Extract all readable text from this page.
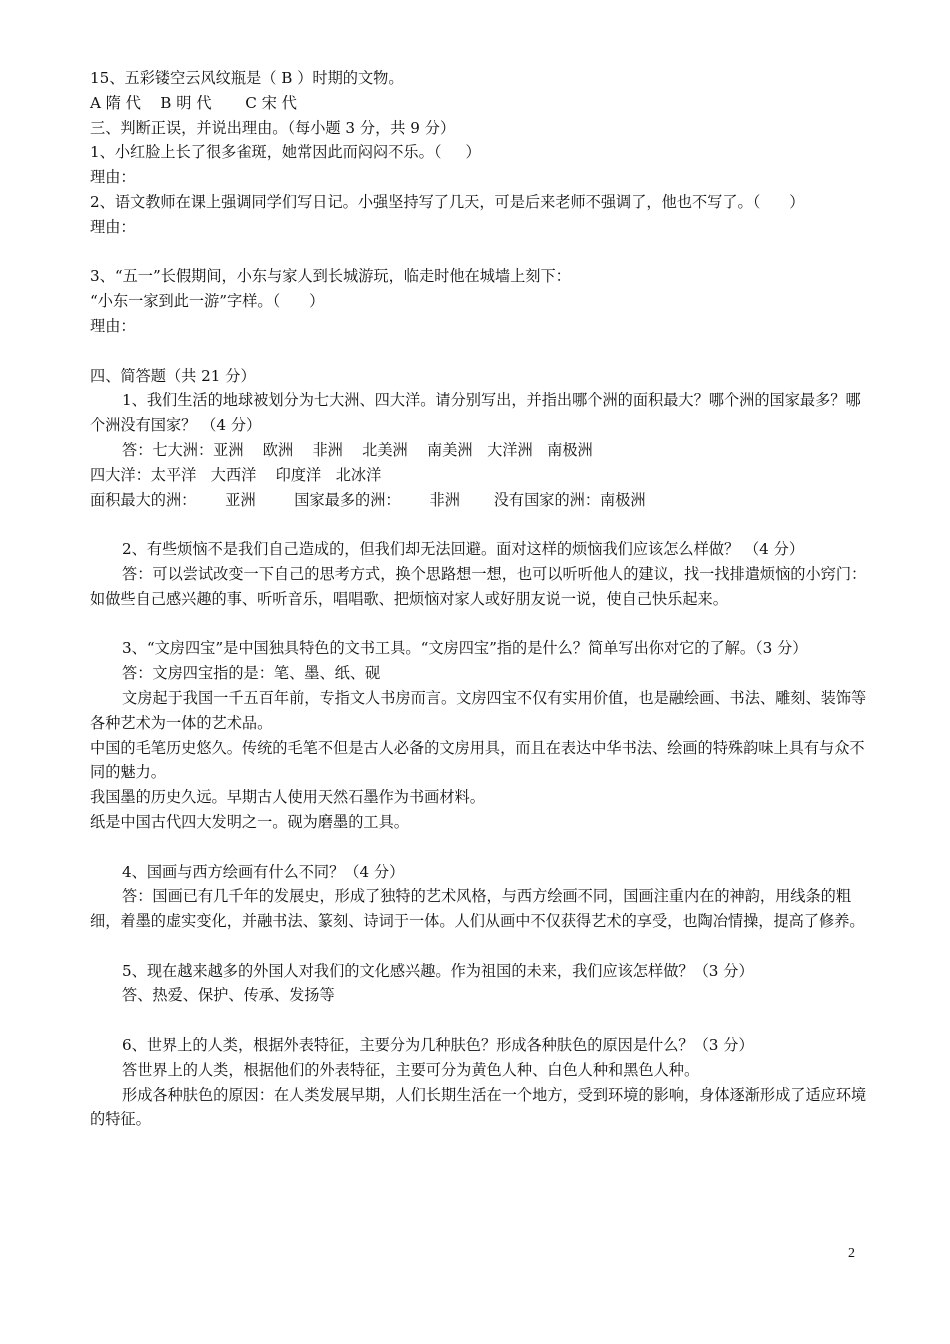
15、五彩镂空云风纹瓶是（ B ）时期的文物。

A 隋 代    B 明 代       C 宋 代

三、判断正误，并说出理由。（每小题 3 分，共 9 分）

1、小红脸上长了很多雀斑，她常因此而闷闷不乐。（     ）

理由：

2、语文教师在课上强调同学们写日记。小强坚持写了几天，可是后来老师不强调了，他也不写了。（      ）

理由：

3、“五一”长假期间，小东与家人到长城游玩，临走时他在城墙上刻下：

“小东一家到此一游”字样。（      ）

理由：

四、简答题（共 21 分）

1、我们生活的地球被划分为七大洲、四大洋。请分别写出，并指出哪个洲的面积最大？哪个洲的国家最多？哪个洲没有国家？ （4 分）

答：七大洲：亚洲    欧洲    非洲    北美洲    南美洲   大洋洲   南极洲

四大洋：太平洋   大西洋    印度洋   北冰洋

面积最大的洲：      亚洲        国家最多的洲：      非洲       没有国家的洲：南极洲

2、有些烦恼不是我们自己造成的，但我们却无法回避。面对这样的烦恼我们应该怎么样做？ （4 分）

答：可以尝试改变一下自己的思考方式，换个思路想一想，也可以听听他人的建议，找一找排遣烦恼的小窍门：如做些自己感兴趣的事、听听音乐，唱唱歌、把烦恼对家人或好朋友说一说，使自己快乐起来。

3、“文房四宝”是中国独具特色的文书工具。“文房四宝”指的是什么？简单写出你对它的了解。（3 分）

答：文房四宝指的是：笔、墨、纸、砚

文房起于我国一千五百年前，专指文人书房而言。文房四宝不仅有实用价值，也是融绘画、书法、雕刻、装饰等各种艺术为一体的艺术品。

中国的毛笔历史悠久。传统的毛笔不但是古人必备的文房用具，而且在表达中华书法、绘画的特殊韵味上具有与众不同的魅力。

我国墨的历史久远。早期古人使用天然石墨作为书画材料。

纸是中国古代四大发明之一。砚为磨墨的工具。

4、国画与西方绘画有什么不同？（4 分）

答：国画已有几千年的发展史，形成了独特的艺术风格，与西方绘画不同，国画注重内在的神韵，用线条的粗细，着墨的虚实变化，并融书法、篆刻、诗词于一体。人们从画中不仅获得艺术的享受，也陶冶情操，提高了修养。

5、现在越来越多的外国人对我们的文化感兴趣。作为祖国的未来，我们应该怎样做？（3 分）

答、热爱、保护、传承、发扬等

6、世界上的人类，根据外表特征，主要分为几种肤色？形成各种肤色的原因是什么？（3 分）

答世界上的人类，根据他们的外表特征，主要可分为黄色人种、白色人种和黑色人种。

形成各种肤色的原因：在人类发展早期，人们长期生活在一个地方，受到环境的影响，身体逐渐形成了适应环境的特征。

2
